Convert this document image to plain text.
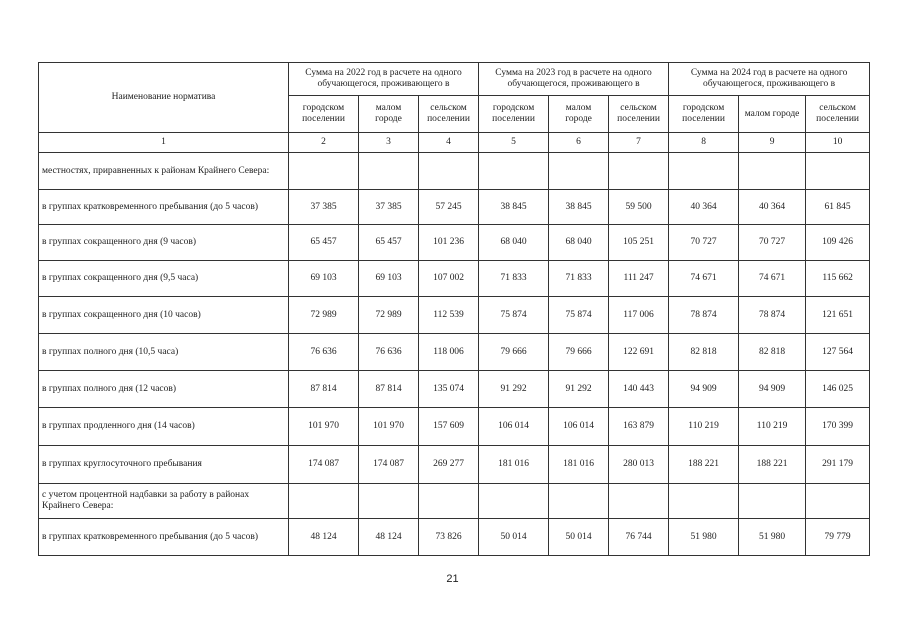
Наименование норматива	Сумма на 2022 год в расчете на одного обучающегося, проживающего в			Сумма на 2023 год в расчете на одного обучающегося, проживающего в			Сумма на 2024 год в расчете на одного обучающегося, проживающего в		
	городском поселении	малом городе	сельском поселении	городском поселении	малом городе	сельском поселении	городском поселении	малом городе	сельском поселении
1	2	3	4	5	6	7	8	9	10
местностях, приравненных к районам Крайнего Севера:									
в группах кратковременного пребывания (до 5 часов)	37 385	37 385	57 245	38 845	38 845	59 500	40 364	40 364	61 845
в группах сокращенного дня (9 часов)	65 457	65 457	101 236	68 040	68 040	105 251	70 727	70 727	109 426
в группах сокращенного дня (9,5 часа)	69 103	69 103	107 002	71 833	71 833	111 247	74 671	74 671	115 662
в группах сокращенного дня (10 часов)	72 989	72 989	112 539	75 874	75 874	117 006	78 874	78 874	121 651
в группах полного дня (10,5 часа)	76 636	76 636	118 006	79 666	79 666	122 691	82 818	82 818	127 564
в группах полного дня (12 часов)	87 814	87 814	135 074	91 292	91 292	140 443	94 909	94 909	146 025
в группах продленного дня (14 часов)	101 970	101 970	157 609	106 014	106 014	163 879	110 219	110 219	170 399
в группах круглосуточного пребывания	174 087	174 087	269 277	181 016	181 016	280 013	188 221	188 221	291 179
с учетом процентной надбавки за работу в районах Крайнего Севера:									
в группах кратковременного пребывания (до 5 часов)	48 124	48 124	73 826	50 014	50 014	76 744	51 980	51 980	79 779
21
